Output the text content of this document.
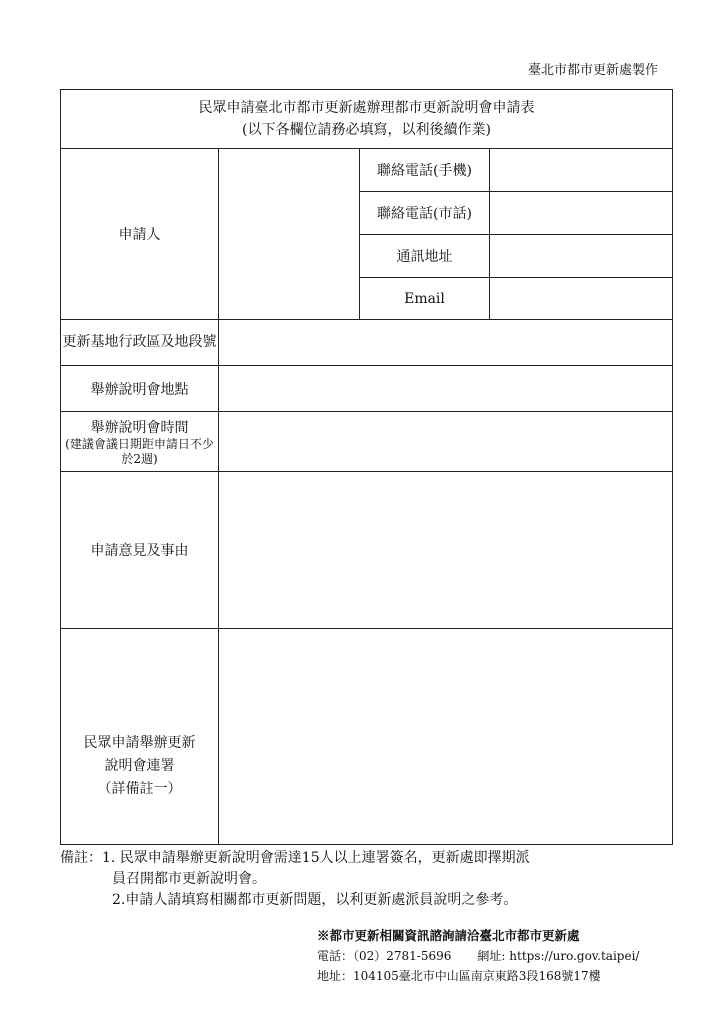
臺北市都市更新處製作
民眾申請臺北市都市更新處辦理都市更新說明會申請表
(以下各欄位請務必填寫，以利後續作業)			

申請人		聯絡電話(手機)	
		聯絡電話(市話)	
		通訊地址	
		Email	
更新基地行政區及地段號			
舉辦說明會地點			

舉辦說明會時間
(建議會議日期距申請日不少於2週)			

申請意見及事由			

民眾申請舉辦更新
說明會連署
（詳備註一）			

備註：1. 民眾申請舉辦更新說明會需達15人以上連署簽名，更新處即擇期派
員召開都市更新說明會。
2.申請人請填寫相關都市更新問題，以利更新處派員說明之參考。
※都市更新相關資訊諮詢請洽臺北市都市更新處
電話：（02）2781-5696 網址: https://uro.gov.taipei/
地址：104105臺北市中山區南京東路3段168號17樓
